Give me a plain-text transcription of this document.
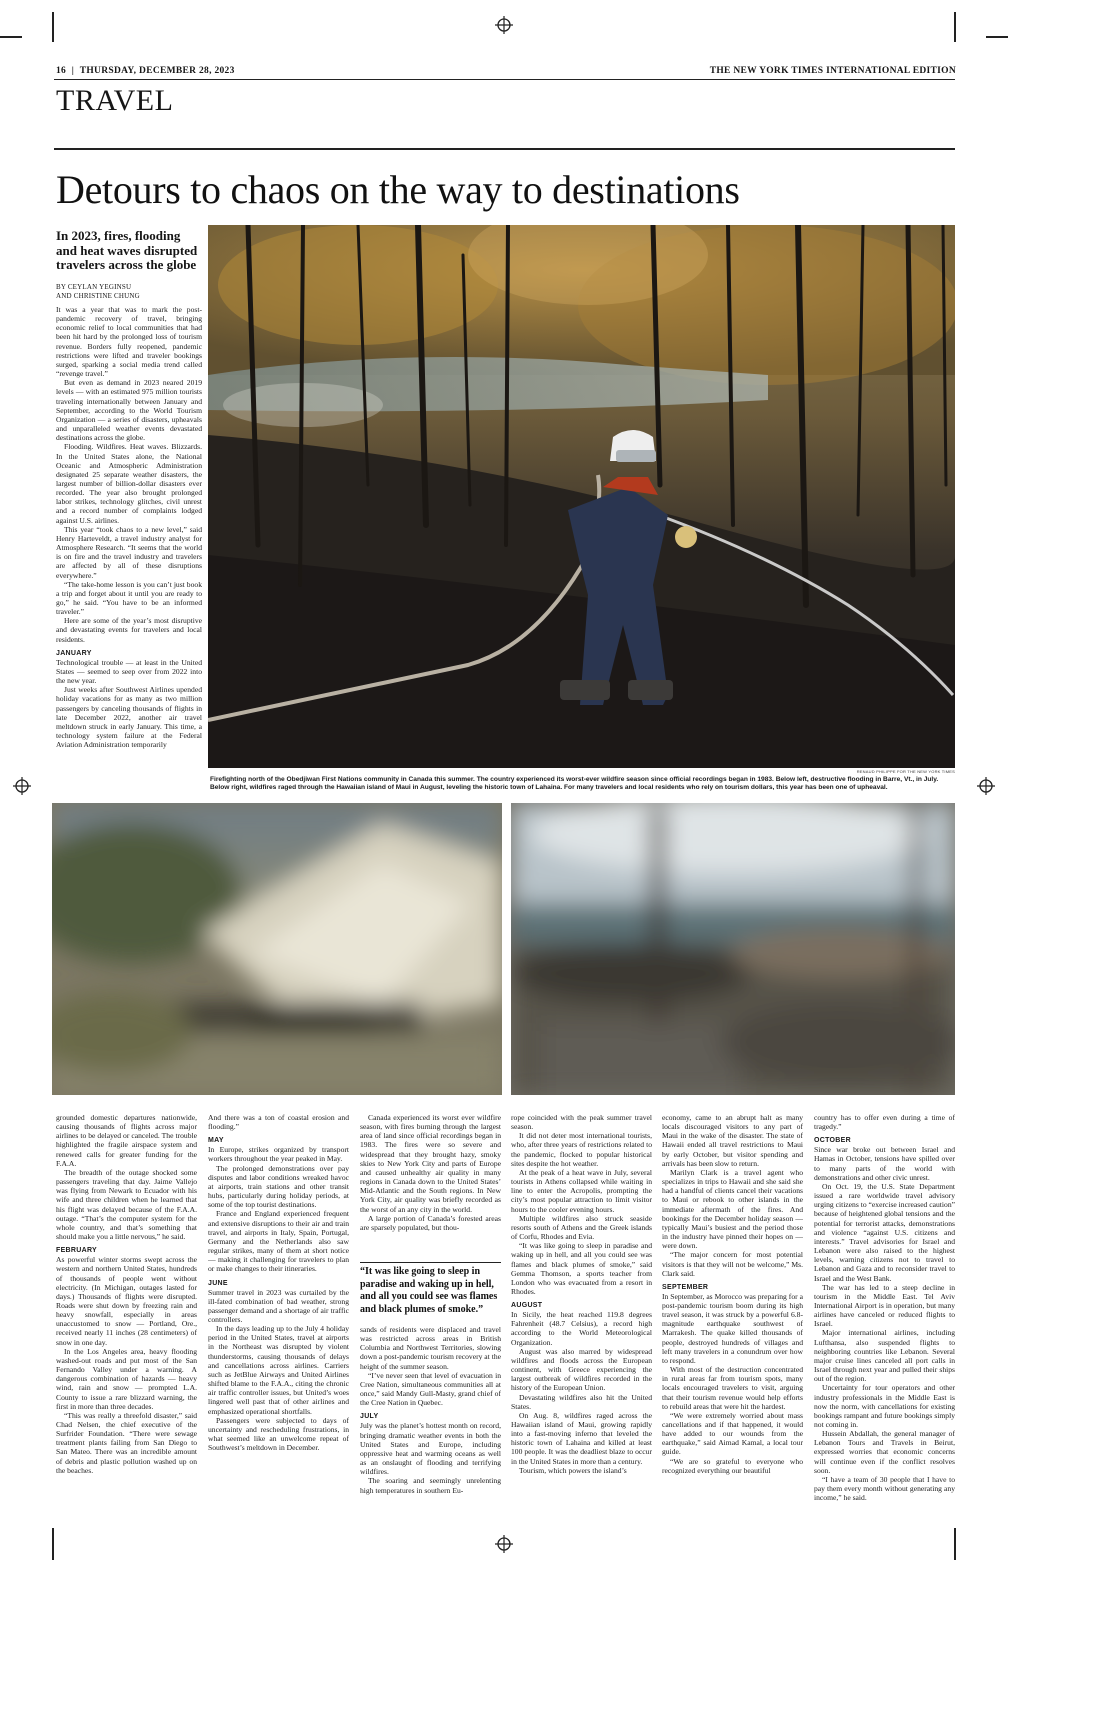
16 | THURSDAY, DECEMBER 28, 2023	THE NEW YORK TIMES INTERNATIONAL EDITION
TRAVEL
Detours to chaos on the way to destinations
In 2023, fires, flooding and heat waves disrupted travelers across the globe
BY CEYLAN YEGINSU
AND CHRISTINE CHUNG

It was a year that was to mark the post-pandemic recovery of travel, bringing economic relief to local communities that had been hit hard by the prolonged loss of tourism revenue. Borders fully reopened, pandemic restrictions were lifted and traveler bookings surged, sparking a social media trend called “revenge travel.”

But even as demand in 2023 neared 2019 levels — with an estimated 975 million tourists traveling internationally between January and September, according to the World Tourism Organization — a series of disasters, upheavals and unparalleled weather events devastated destinations across the globe.

Flooding. Wildfires. Heat waves. Blizzards. In the United States alone, the National Oceanic and Atmospheric Administration designated 25 separate weather disasters, the largest number of billion-dollar disasters ever recorded. The year also brought prolonged labor strikes, technology glitches, civil unrest and a record number of complaints lodged against U.S. airlines.

This year “took chaos to a new level,” said Henry Harteveldt, a travel industry analyst for Atmosphere Research. “It seems that the world is on fire and the travel industry and travelers are affected by all of these disruptions everywhere.”

“The take-home lesson is you can’t just book a trip and forget about it until you are ready to go,” he said. “You have to be an informed traveler.”

Here are some of the year’s most disruptive and devastating events for travelers and local residents.

JANUARY

Technological trouble — at least in the United States — seemed to seep over from 2022 into the new year.

Just weeks after Southwest Airlines upended holiday vacations for as many as two million passengers by canceling thousands of flights in late December 2022, another air travel meltdown struck in early January. This time, a technology system failure at the Federal Aviation Administration temporarily

RENAUD PHILIPPE FOR THE NEW YORK TIMES
Firefighting north of the Obedjiwan First Nations community in Canada this summer. The country experienced its worst-ever wildfire season since official recordings began in 1983. Below left, destructive flooding in Barre, Vt., in July. Below right, wildfires raged through the Hawaiian island of Maui in August, leveling the historic town of Lahaina. For many travelers and local residents who rely on tourism dollars, this year has been one of upheaval.

grounded domestic departures nationwide, causing thousands of flights across major airlines to be delayed or canceled. The trouble highlighted the fragile airspace system and renewed calls for greater funding for the F.A.A.

The breadth of the outage shocked some passengers traveling that day. Jaime Vallejo was flying from Newark to Ecuador with his wife and three children when he learned that his flight was delayed because of the F.A.A. outage. “That’s the computer system for the whole country, and that’s something that should make you a little nervous,” he said.

FEBRUARY

As powerful winter storms swept across the western and northern United States, hundreds of thousands of people went without electricity. (In Michigan, outages lasted for days.) Thousands of flights were disrupted. Roads were shut down by freezing rain and heavy snowfall, especially in areas unaccustomed to snow — Portland, Ore., received nearly 11 inches (28 centimeters) of snow in one day.

In the Los Angeles area, heavy flooding washed-out roads and put most of the San Fernando Valley under a warning. A dangerous combination of hazards — heavy wind, rain and snow — prompted L.A. County to issue a rare blizzard warning, the first in more than three decades.

“This was really a threefold disaster,” said Chad Nelsen, the chief executive of the Surfrider Foundation. “There were sewage treatment plants failing from San Diego to San Mateo. There was an incredible amount of debris and plastic pollution washed up on the beaches.

And there was a ton of coastal erosion and flooding.”

MAY

In Europe, strikes organized by transport workers throughout the year peaked in May.

The prolonged demonstrations over pay disputes and labor conditions wreaked havoc at airports, train stations and other transit hubs, particularly during holiday periods, at some of the top tourist destinations.

France and England experienced frequent and extensive disruptions to their air and train travel, and airports in Italy, Spain, Portugal, Germany and the Netherlands also saw regular strikes, many of them at short notice — making it challenging for travelers to plan or make changes to their itineraries.

JUNE

Summer travel in 2023 was curtailed by the ill-fated combination of bad weather, strong passenger demand and a shortage of air traffic controllers.

In the days leading up to the July 4 holiday period in the United States, travel at airports in the Northeast was disrupted by violent thunderstorms, causing thousands of delays and cancellations across airlines. Carriers such as JetBlue Airways and United Airlines shifted blame to the F.A.A., citing the chronic air traffic controller issues, but United’s woes lingered well past that of other airlines and emphasized operational shortfalls.

Passengers were subjected to days of uncertainty and rescheduling frustrations, in what seemed like an unwelcome repeat of Southwest’s meltdown in December.

Canada experienced its worst ever wildfire season, with fires burning through the largest area of land since official recordings began in 1983. The fires were so severe and widespread that they brought hazy, smoky skies to New York City and parts of Europe and caused unhealthy air quality in many regions in Canada down to the United States’ Mid-Atlantic and the South regions. In New York City, air quality was briefly recorded as the worst of an any city in the world.

A large portion of Canada’s forested areas are sparsely populated, but thou-

“It was like going to sleep in paradise and waking up in hell, and all you could see was flames and black plumes of smoke.”

sands of residents were displaced and travel was restricted across areas in British Columbia and Northwest Territories, slowing down a post-pandemic tourism recovery at the height of the summer season.

“I’ve never seen that level of evacuation in Cree Nation, simultaneous communities all at once,” said Mandy Gull-Masty, grand chief of the Cree Nation in Quebec.

JULY

July was the planet’s hottest month on record, bringing dramatic weather events in both the United States and Europe, including oppressive heat and warming oceans as well as an onslaught of flooding and terrifying wildfires.

The soaring and seemingly unrelenting high temperatures in southern Eu-

rope coincided with the peak summer travel season.

It did not deter most international tourists, who, after three years of restrictions related to the pandemic, flocked to popular historical sites despite the hot weather.

At the peak of a heat wave in July, several tourists in Athens collapsed while waiting in line to enter the Acropolis, prompting the city’s most popular attraction to limit visitor hours to the cooler evening hours.

Multiple wildfires also struck seaside resorts south of Athens and the Greek islands of Corfu, Rhodes and Evia.

“It was like going to sleep in paradise and waking up in hell, and all you could see was flames and black plumes of smoke,” said Gemma Thomson, a sports teacher from London who was evacuated from a resort in Rhodes.

AUGUST

In Sicily, the heat reached 119.8 degrees Fahrenheit (48.7 Celsius), a record high according to the World Meteorological Organization.

August was also marred by widespread wildfires and floods across the European continent, with Greece experiencing the largest outbreak of wildfires recorded in the history of the European Union.

Devastating wildfires also hit the United States.

On Aug. 8, wildfires raged across the Hawaiian island of Maui, growing rapidly into a fast-moving inferno that leveled the historic town of Lahaina and killed at least 100 people. It was the deadliest blaze to occur in the United States in more than a century.

Tourism, which powers the island’s

economy, came to an abrupt halt as many locals discouraged visitors to any part of Maui in the wake of the disaster. The state of Hawaii ended all travel restrictions to Maui by early October, but visitor spending and arrivals has been slow to return.

Marilyn Clark is a travel agent who specializes in trips to Hawaii and she said she had a handful of clients cancel their vacations to Maui or rebook to other islands in the immediate aftermath of the fires. And bookings for the December holiday season — typically Maui’s busiest and the period those in the industry have pinned their hopes on — were down.

“The major concern for most potential visitors is that they will not be welcome,” Ms. Clark said.

SEPTEMBER

In September, as Morocco was preparing for a post-pandemic tourism boom during its high travel season, it was struck by a powerful 6.8-magnitude earthquake southwest of Marrakesh. The quake killed thousands of people, destroyed hundreds of villages and left many travelers in a conundrum over how to respond.

With most of the destruction concentrated in rural areas far from tourism spots, many locals encouraged travelers to visit, arguing that their tourism revenue would help efforts to rebuild areas that were hit the hardest.

“We were extremely worried about mass cancellations and if that happened, it would have added to our wounds from the earthquake,” said Aimad Kamal, a local tour guide.

“We are so grateful to everyone who recognized everything our beautiful

country has to offer even during a time of tragedy.”

OCTOBER

Since war broke out between Israel and Hamas in October, tensions have spilled over to many parts of the world with demonstrations and other civic unrest.

On Oct. 19, the U.S. State Department issued a rare worldwide travel advisory urging citizens to “exercise increased caution” because of heightened global tensions and the potential for terrorist attacks, demonstrations and violence “against U.S. citizens and interests.” Travel advisories for Israel and Lebanon were also raised to the highest levels, warning citizens not to travel to Lebanon and Gaza and to reconsider travel to Israel and the West Bank.

The war has led to a steep decline in tourism in the Middle East. Tel Aviv International Airport is in operation, but many airlines have canceled or reduced flights to Israel.

Major international airlines, including Lufthansa, also suspended flights to neighboring countries like Lebanon. Several major cruise lines canceled all port calls in Israel through next year and pulled their ships out of the region.

Uncertainty for tour operators and other industry professionals in the Middle East is now the norm, with cancellations for existing bookings rampant and future bookings simply not coming in.

Hussein Abdallah, the general manager of Lebanon Tours and Travels in Beirut, expressed worries that economic concerns will continue even if the conflict resolves soon.

“I have a team of 30 people that I have to pay them every month without generating any income,” he said.
